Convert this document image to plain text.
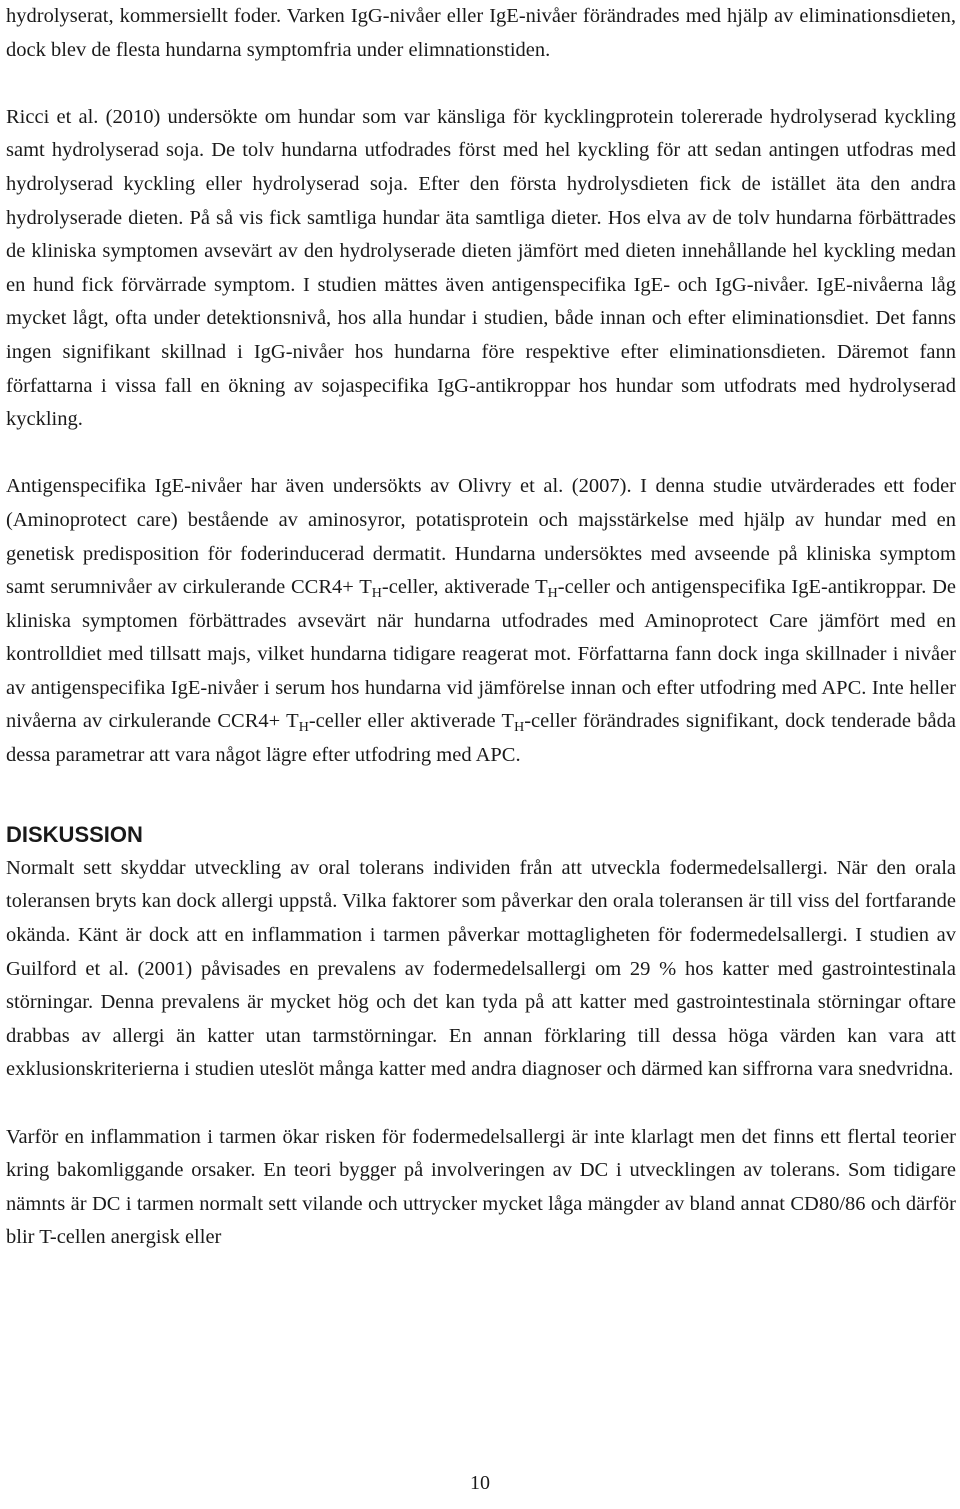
hydrolyserat, kommersiellt foder. Varken IgG-nivåer eller IgE-nivåer förändrades med hjälp av eliminationsdieten, dock blev de flesta hundarna symptomfria under elimnationstiden.

Ricci et al. (2010) undersökte om hundar som var känsliga för kycklingprotein tolererade hydrolyserad kyckling samt hydrolyserad soja. De tolv hundarna utfodrades först med hel kyckling för att sedan antingen utfodras med hydrolyserad kyckling eller hydrolyserad soja. Efter den första hydrolysdieten fick de istället äta den andra hydrolyserade dieten. På så vis fick samtliga hundar äta samtliga dieter. Hos elva av de tolv hundarna förbättrades de kliniska symptomen avsevärt av den hydrolyserade dieten jämfört med dieten innehållande hel kyckling medan en hund fick förvärrade symptom. I studien mättes även antigenspecifika IgE- och IgG-nivåer. IgE-nivåerna låg mycket lågt, ofta under detektionsnivå, hos alla hundar i studien, både innan och efter eliminationsdiet. Det fanns ingen signifikant skillnad i IgG-nivåer hos hundarna före respektive efter eliminationsdieten. Däremot fann författarna i vissa fall en ökning av sojaspecifika IgG-antikroppar hos hundar som utfodrats med hydrolyserad kyckling.

Antigenspecifika IgE-nivåer har även undersökts av Olivry et al. (2007). I denna studie utvärderades ett foder (Aminoprotect care) bestående av aminosyror, potatisprotein och majsstärkelse med hjälp av hundar med en genetisk predisposition för foderinducerad dermatit. Hundarna undersöktes med avseende på kliniska symptom samt serumnivåer av cirkulerande $CCR4+ T_H$-celler, aktiverade $T_H$-celler och antigenspecifika IgE-antikroppar. De kliniska symptomen förbättrades avsevärt när hundarna utfodrades med Aminoprotect Care jämfört med en kontrolldiet med tillsatt majs, vilket hundarna tidigare reagerat mot. Författarna fann dock inga skillnader i nivåer av antigenspecifika IgE-nivåer i serum hos hundarna vid jämförelse innan och efter utfodring med APC. Inte heller nivåerna av cirkulerande $CCR4+ T_H$-celler eller aktiverade $T_H$-celler förändrades signifikant, dock tenderade båda dessa parametrar att vara något lägre efter utfodring med APC.

DISKUSSION

Normalt sett skyddar utveckling av oral tolerans individen från att utveckla fodermedelsallergi. När den orala toleransen bryts kan dock allergi uppstå. Vilka faktorer som påverkar den orala toleransen är till viss del fortfarande okända. Känt är dock att en inflammation i tarmen påverkar mottagligheten för fodermedelsallergi. I studien av Guilford et al. (2001) påvisades en prevalens av fodermedelsallergi om 29 % hos katter med gastrointestinala störningar. Denna prevalens är mycket hög och det kan tyda på att katter med gastrointestinala störningar oftare drabbas av allergi än katter utan tarmstörningar. En annan förklaring till dessa höga värden kan vara att exklusionskriterierna i studien uteslöt många katter med andra diagnoser och därmed kan siffrorna vara snedvridna.

Varför en inflammation i tarmen ökar risken för fodermedelsallergi är inte klarlagt men det finns ett flertal teorier kring bakomliggande orsaker. En teori bygger på involveringen av DC i utvecklingen av tolerans. Som tidigare nämnts är DC i tarmen normalt sett vilande och uttrycker mycket låga mängder av bland annat CD80/86 och därför blir T-cellen anergisk eller

10
